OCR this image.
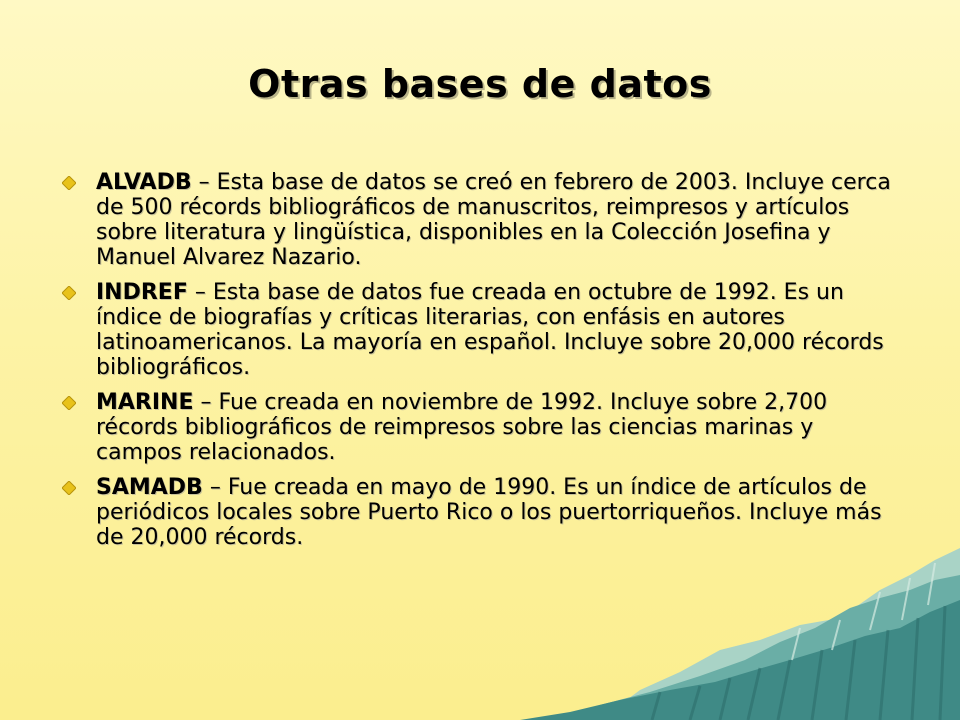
Otras bases de datos
ALVADB – Esta base de datos se creó en febrero de 2003. Incluye cerca de 500 récords bibliográficos de manuscritos, reimpresos y artículos sobre literatura y lingüística, disponibles en la Colección Josefina y Manuel Alvarez Nazario.
INDREF – Esta base de datos fue creada en octubre de 1992. Es un índice de biografías y críticas literarias, con enfásis en autores latinoamericanos. La mayoría en español. Incluye sobre 20,000 récords bibliográficos.
MARINE – Fue creada en noviembre de 1992. Incluye sobre 2,700 récords bibliográficos de reimpresos sobre las ciencias marinas y campos relacionados.
SAMADB – Fue creada en mayo de 1990. Es un índice de artículos de periódicos locales sobre Puerto Rico o los puertorriqueños. Incluye más de 20,000 récords.
